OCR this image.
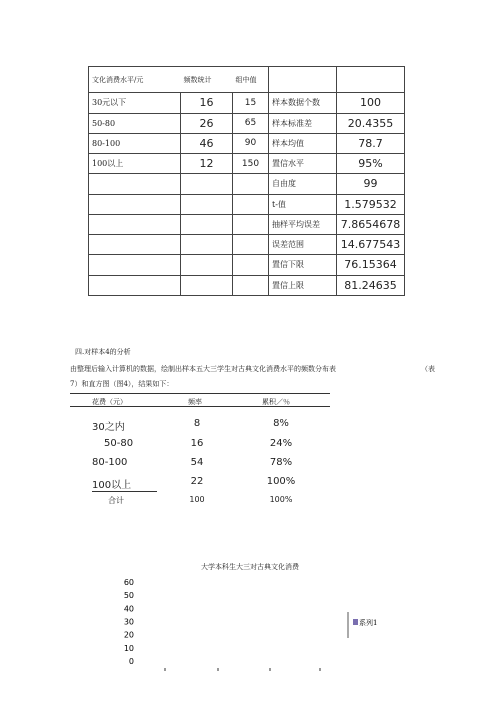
文化消费水平/元	频数统计	组中值		
30元以下	16	15	样本数据个数	100
50-80	26	65	样本标准差	20.4355
80-100	46	90	样本均值	78.7
100以上	12	150	置信水平	95%
			自由度	99
			t-值	1.579532
			抽样平均误差	7.8654678
			误差范围	14.677543
			置信下限	76.15364
			置信上限	81.24635
四.对样本4的分析
由整理后输入计算机的数据，绘制出样本五大三学生对古典文化消费水平的频数分布表	（表
7）和直方图（图4），结果如下：
花费（元）	频率	累积／％
30之内	8	8%
50-80	16	24%
80-100	54	78%
100以上	22	100%
合计	100	100%
大学本科生大三对古典文化消费
0
10
20
30
40
50
60
系列1
